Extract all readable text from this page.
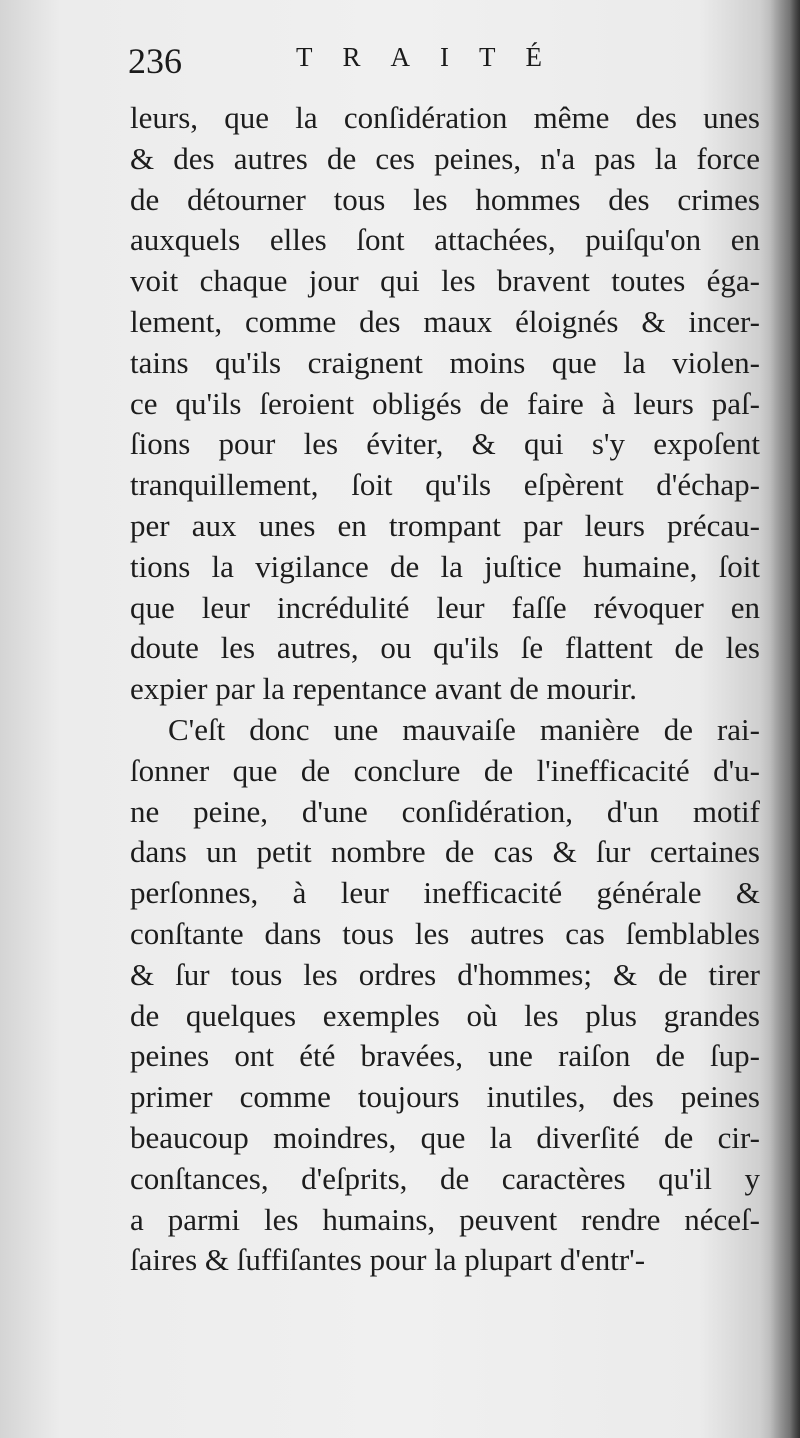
236	TRAITÉ
leurs, que la conſidération même des unes
& des autres de ces peines, n'a pas la force
de détourner tous les hommes des crimes
auxquels elles ſont attachées, puiſqu'on en
voit chaque jour qui les bravent toutes éga-
lement, comme des maux éloignés & incer-
tains qu'ils craignent moins que la violen-
ce qu'ils ſeroient obligés de faire à leurs paſ-
ſions pour les éviter, & qui s'y expoſent
tranquillement, ſoit qu'ils eſpèrent d'échap-
per aux unes en trompant par leurs précau-
tions la vigilance de la juſtice humaine, ſoit
que leur incrédulité leur faſſe révoquer en
doute les autres, ou qu'ils ſe flattent de les
expier par la repentance avant de mourir.
C'eſt donc une mauvaiſe manière de rai-
ſonner que de conclure de l'inefficacité d'u-
ne peine, d'une conſidération, d'un motif
dans un petit nombre de cas & ſur certaines
perſonnes, à leur inefficacité générale &
conſtante dans tous les autres cas ſemblables
& ſur tous les ordres d'hommes; & de tirer
de quelques exemples où les plus grandes
peines ont été bravées, une raiſon de ſup-
primer comme toujours inutiles, des peines
beaucoup moindres, que la diverſité de cir-
conſtances, d'eſprits, de caractères qu'il y
a parmi les humains, peuvent rendre néceſ-
ſaires & ſuffiſantes pour la plupart d'entr'-
